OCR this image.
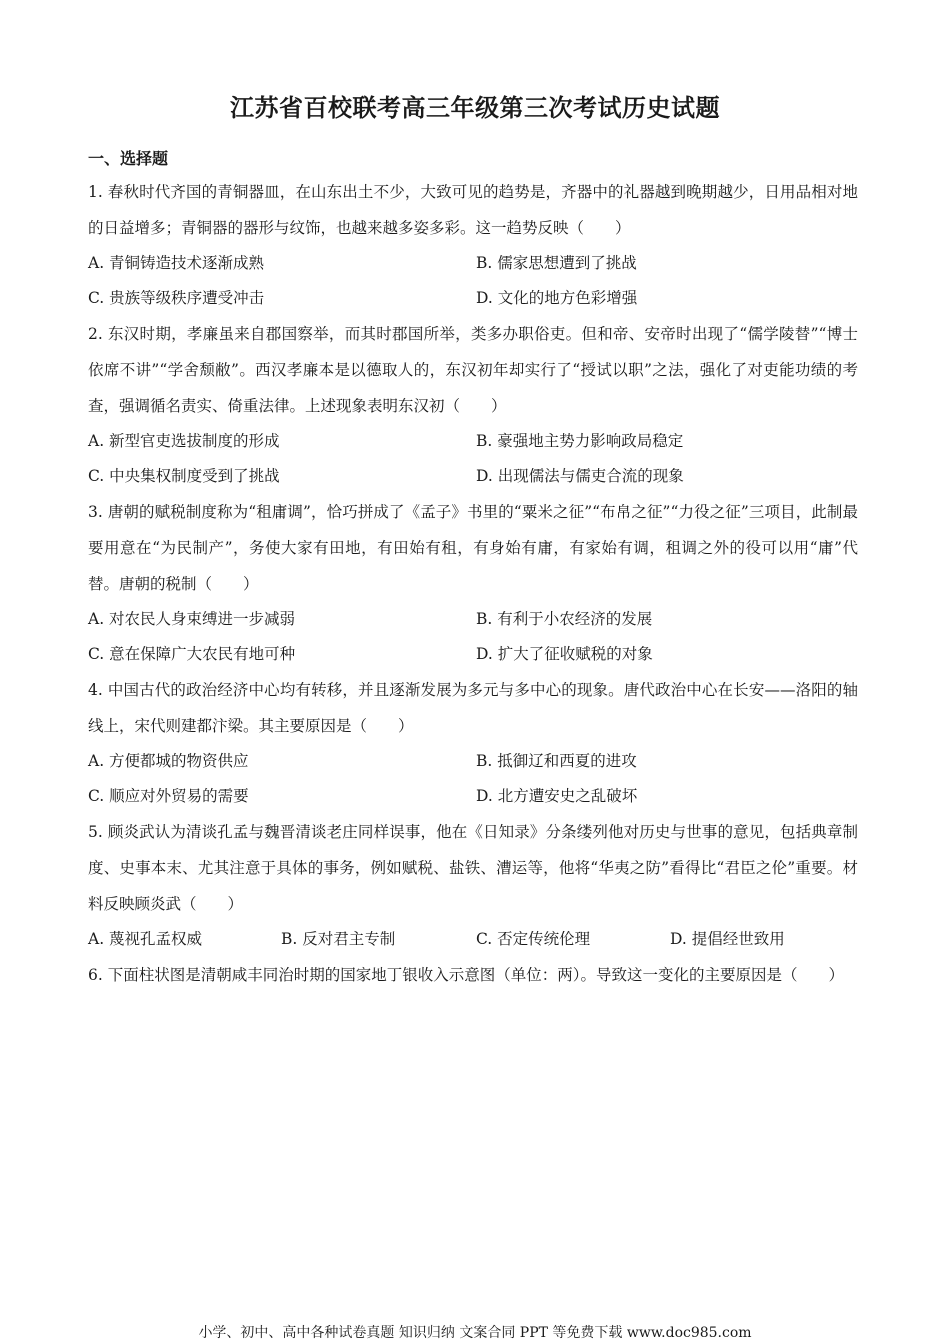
江苏省百校联考高三年级第三次考试历史试题
一、选择题

1. 春秋时代齐国的青铜器皿，在山东出土不少，大致可见的趋势是，齐器中的礼器越到晚期越少，日用品相对地的日益增多；青铜器的器形与纹饰，也越来越多姿多彩。这一趋势反映（　　）

A. 青铜铸造技术逐渐成熟	B. 儒家思想遭到了挑战
C. 贵族等级秩序遭受冲击	D. 文化的地方色彩增强

2. 东汉时期，孝廉虽来自郡国察举，而其时郡国所举，类多办职俗吏。但和帝、安帝时出现了“儒学陵替”“博士依席不讲”“学舍颓敝”。西汉孝廉本是以德取人的，东汉初年却实行了“授试以职”之法，强化了对吏能功绩的考查，强调循名责实、倚重法律。上述现象表明东汉初（　　）

A. 新型官吏选拔制度的形成	B. 豪强地主势力影响政局稳定
C. 中央集权制度受到了挑战	D. 出现儒法与儒吏合流的现象

3. 唐朝的赋税制度称为“租庸调”，恰巧拼成了《孟子》书里的“粟米之征”“布帛之征”“力役之征”三项目，此制最要用意在“为民制产”，务使大家有田地，有田始有租，有身始有庸，有家始有调，租调之外的役可以用“庸”代替。唐朝的税制（　　）

A. 对农民人身束缚进一步减弱	B. 有利于小农经济的发展
C. 意在保障广大农民有地可种	D. 扩大了征收赋税的对象

4. 中国古代的政治经济中心均有转移，并且逐渐发展为多元与多中心的现象。唐代政治中心在长安——洛阳的轴线上，宋代则建都汴梁。其主要原因是（　　）

A. 方便都城的物资供应	B. 抵御辽和西夏的进攻
C. 顺应对外贸易的需要	D. 北方遭安史之乱破坏

5. 顾炎武认为清谈孔孟与魏晋清谈老庄同样误事，他在《日知录》分条缕列他对历史与世事的意见，包括典章制度、史事本末、尤其注意于具体的事务，例如赋税、盐铁、漕运等，他将“华夷之防”看得比“君臣之伦”重要。材料反映顾炎武（　　）

A. 蔑视孔孟权威	B. 反对君主专制	C. 否定传统伦理	D. 提倡经世致用

6. 下面柱状图是清朝咸丰同治时期的国家地丁银收入示意图（单位：两）。导致这一变化的主要原因是（　　）

小学、初中、高中各种试卷真题 知识归纳 文案合同 PPT 等免费下载 www.doc985.com
